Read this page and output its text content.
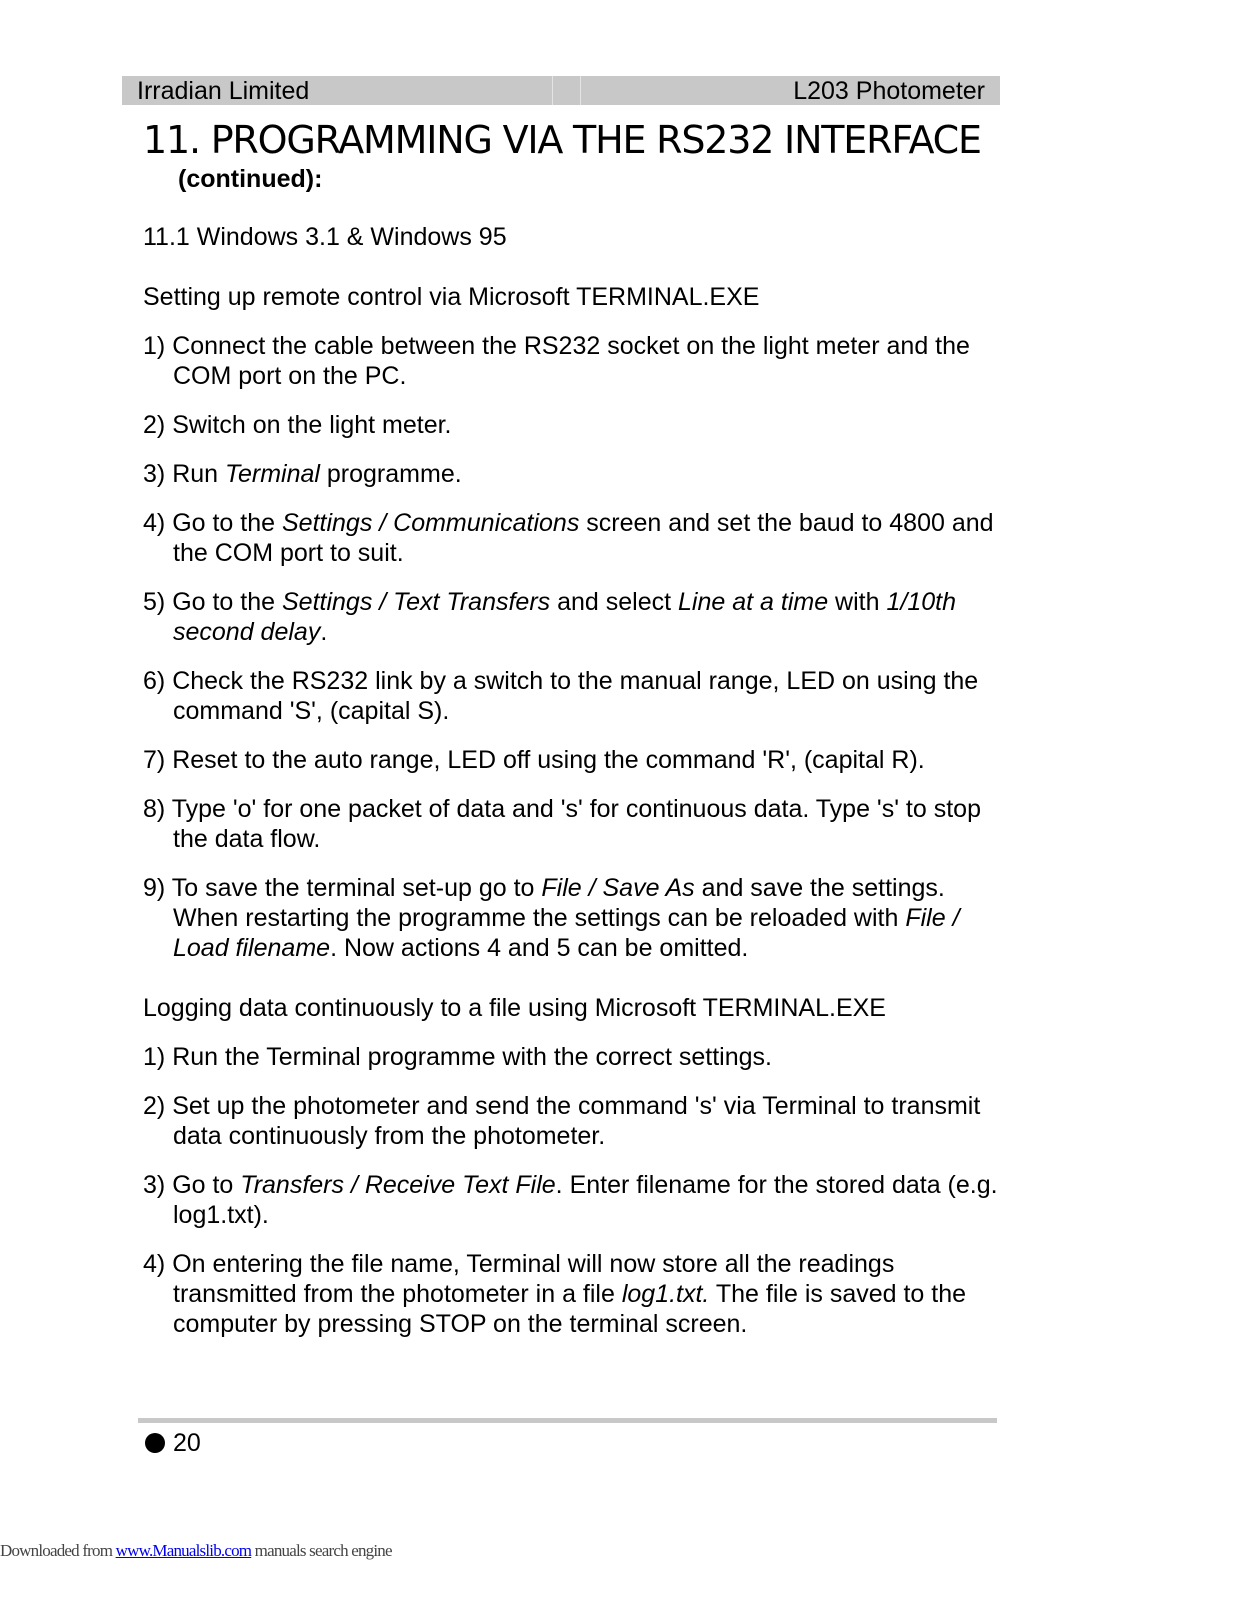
Irradian Limited	L203 Photometer
11. PROGRAMMING VIA THE RS232 INTERFACE
(continued):

11.1 Windows 3.1 & Windows 95

Setting up remote control via Microsoft TERMINAL.EXE

1) Connect the cable between the RS232 socket on the light meter and the COM port on the PC.

2) Switch on the light meter.

3) Run Terminal programme.

4) Go to the Settings / Communications screen and set the baud to 4800 and the COM port to suit.

5) Go to the Settings / Text Transfers and select Line at a time with 1/10th second delay.

6) Check the RS232 link by a switch to the manual range, LED on using the command 'S', (capital S).

7) Reset to the auto range, LED off using the command 'R', (capital R).

8) Type 'o' for one packet of data and 's' for continuous data. Type 's' to stop the data flow.

9) To save the terminal set-up go to File / Save As and save the settings. When restarting the programme the settings can be reloaded with File / Load filename. Now actions 4 and 5 can be omitted.

Logging data continuously to a file using Microsoft TERMINAL.EXE

1) Run the Terminal programme with the correct settings.

2) Set up the photometer and send the command 's' via Terminal to transmit data continuously from the photometer.

3) Go to Transfers / Receive Text File. Enter filename for the stored data (e.g. log1.txt).

4) On entering the file name, Terminal will now store all the readings transmitted from the photometer in a file log1.txt. The file is saved to the computer by pressing STOP on the terminal screen.

20
Downloaded from www.Manualslib.com manuals search engine
